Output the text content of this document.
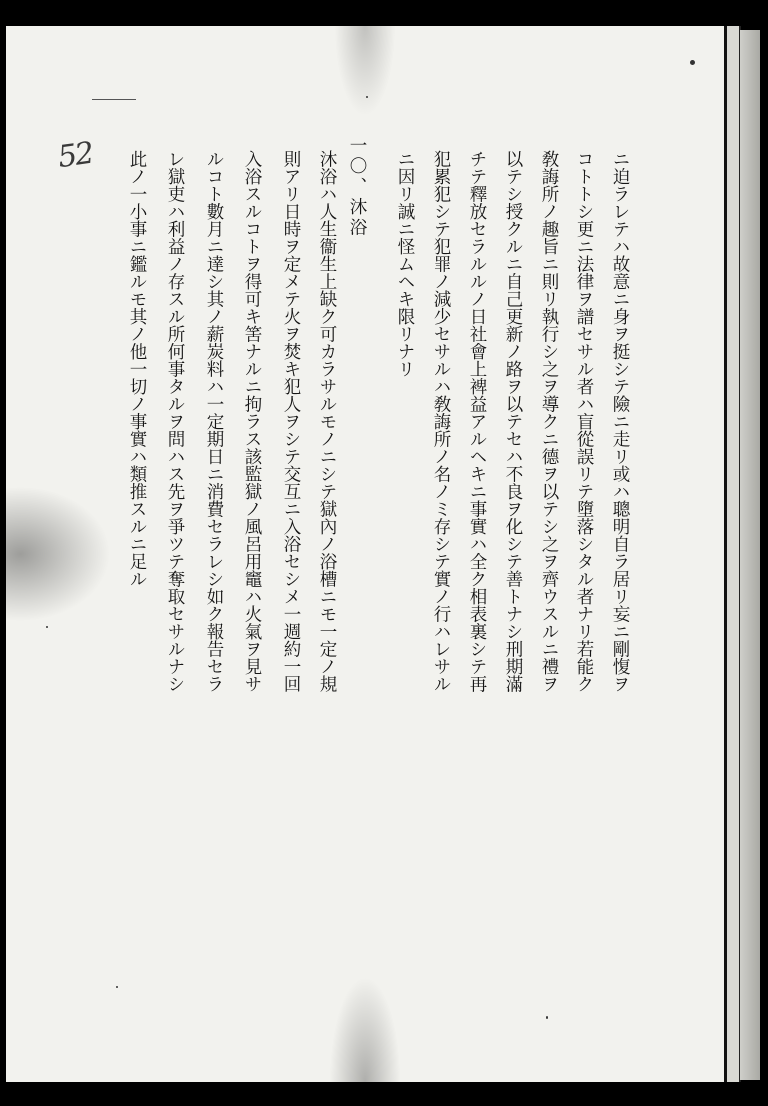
52	ニ迫ラレテハ故意ニ身ヲ挺シテ險ニ走リ或ハ聰明自ラ居リ妄ニ剛愎ヲ
コトトシ更ニ法律ヲ譜セサル者ハ盲從誤リテ墮落シタル者ナリ若能ク
敎誨所ノ趣旨ニ則リ執行シ之ヲ導クニ德ヲ以テシ之ヲ齊ウスルニ禮ヲ
以テシ授クルニ自己更新ノ路ヲ以テセハ不良ヲ化シテ善トナシ刑期滿
チテ釋放セラルルノ日社會上裨益アルヘキニ事實ハ全ク相表裏シテ再
犯累犯シテ犯罪ノ減少セサルハ敎誨所ノ名ノミ存シテ實ノ行ハレサル
ニ因リ誠ニ怪ムヘキ限リナリ
一〇、沐浴
沐浴ハ人生衞生上缺ク可カラサルモノニシテ獄內ノ浴槽ニモ一定ノ規
則アリ日時ヲ定メテ火ヲ焚キ犯人ヲシテ交互ニ入浴セシメ一週約一回
入浴スルコトヲ得可キ筈ナルニ拘ラス該監獄ノ風呂用竈ハ火氣ヲ見サ
ルコト數月ニ達シ其ノ薪炭料ハ一定期日ニ消費セラレシ如ク報告セラ
レ獄吏ハ利益ノ存スル所何事タルヲ問ハス先ヲ爭ツテ奪取セサルナシ
此ノ一小事ニ鑑ルモ其ノ他一切ノ事實ハ類推スルニ足ル
